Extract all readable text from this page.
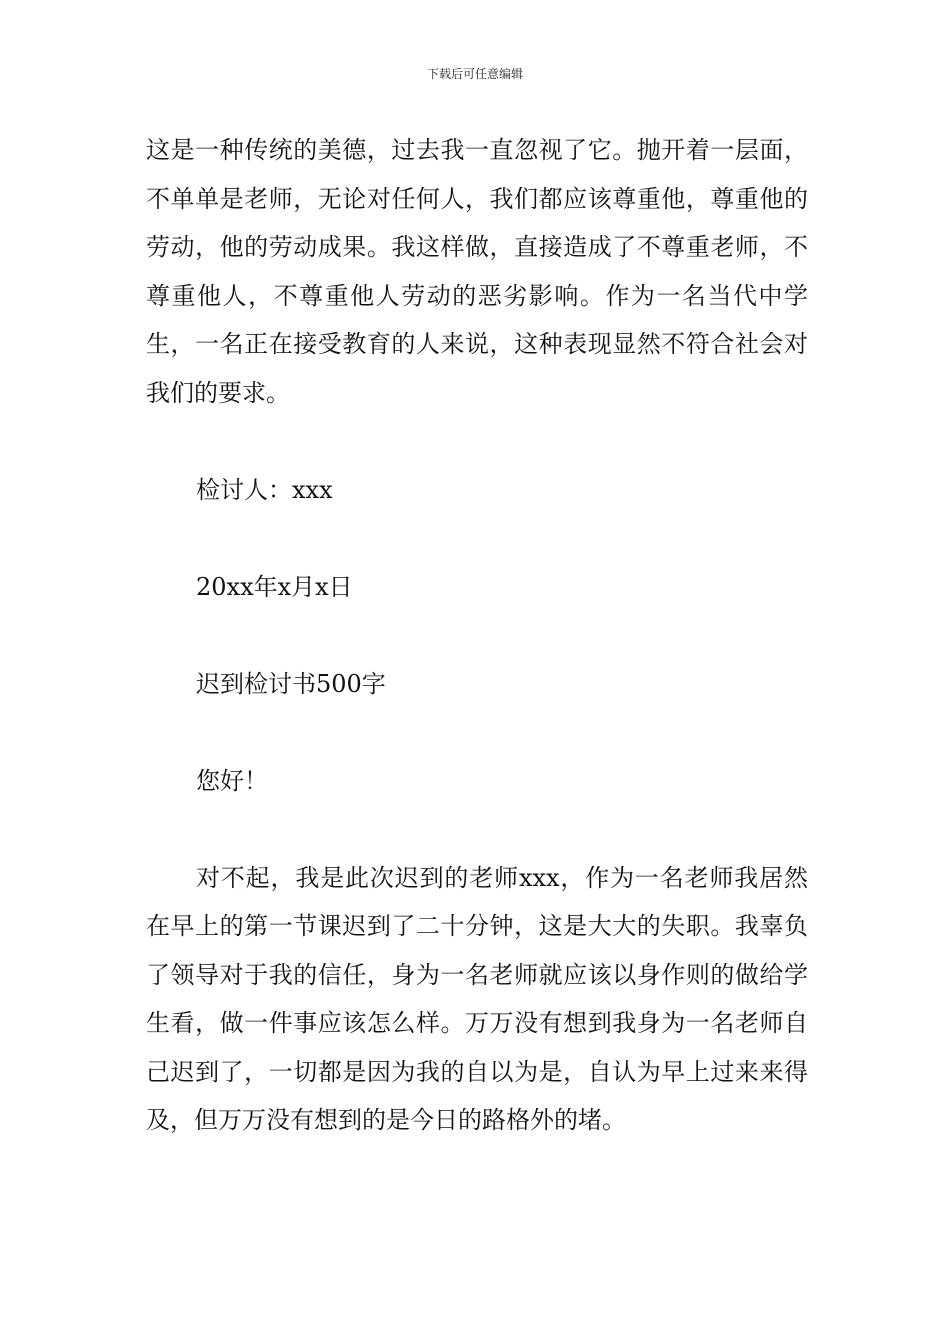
下载后可任意编辑

这是一种传统的美德，过去我一直忽视了它。抛开着一层面，不单单是老师，无论对任何人，我们都应该尊重他，尊重他的劳动，他的劳动成果。我这样做，直接造成了不尊重老师，不尊重他人，不尊重他人劳动的恶劣影响。作为一名当代中学生，一名正在接受教育的人来说，这种表现显然不符合社会对我们的要求。

检讨人：xxx

20xx年x月x日

迟到检讨书500字

您好！

对不起，我是此次迟到的老师xxx，作为一名老师我居然在早上的第一节课迟到了二十分钟，这是大大的失职。我辜负了领导对于我的信任，身为一名老师就应该以身作则的做给学生看，做一件事应该怎么样。万万没有想到我身为一名老师自己迟到了，一切都是因为我的自以为是，自认为早上过来来得及，但万万没有想到的是今日的路格外的堵。
